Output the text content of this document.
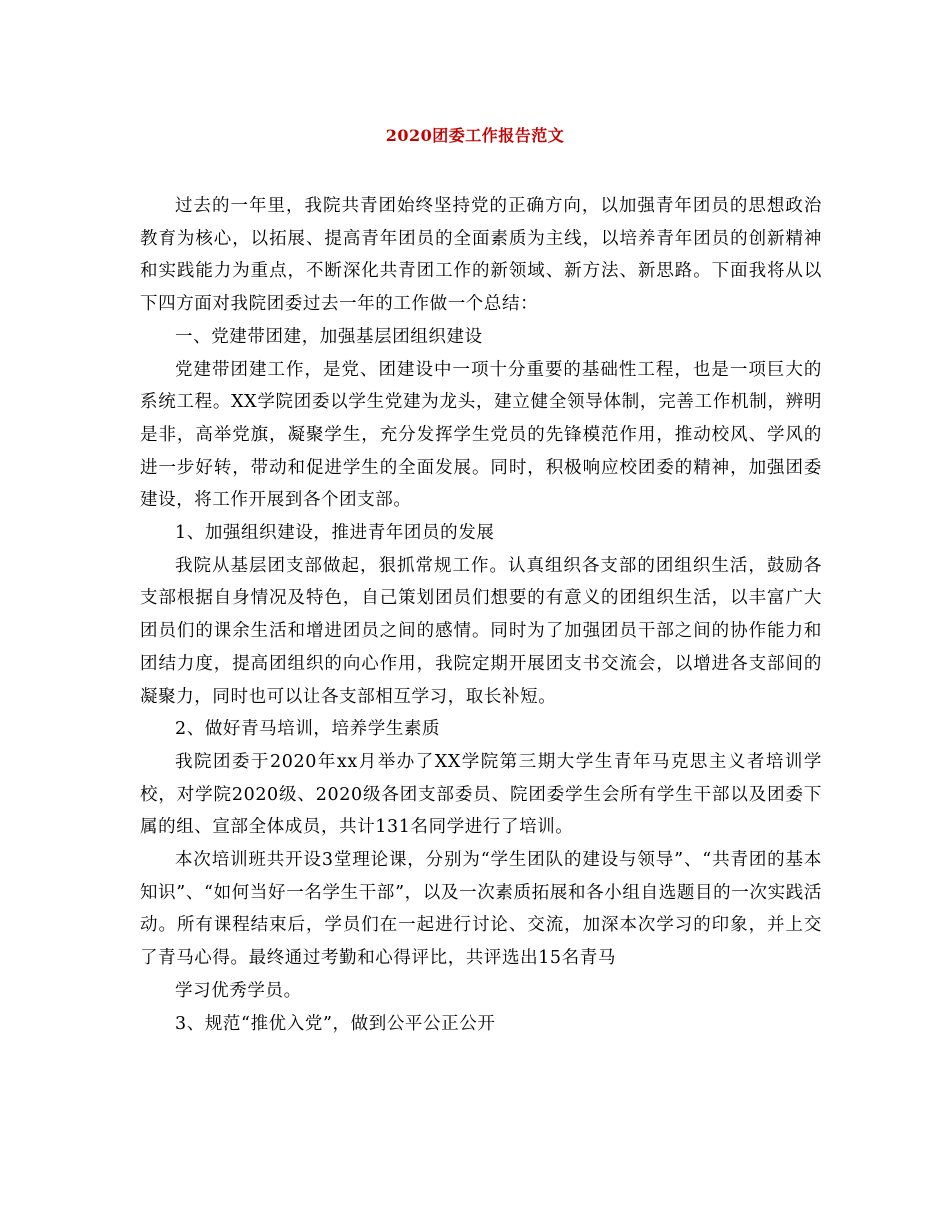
2020团委工作报告范文

过去的一年里，我院共青团始终坚持党的正确方向，以加强青年团员的思想政治教育为核心，以拓展、提高青年团员的全面素质为主线，以培养青年团员的创新精神和实践能力为重点，不断深化共青团工作的新领域、新方法、新思路。下面我将从以下四方面对我院团委过去一年的工作做一个总结：

一、党建带团建，加强基层团组织建设

党建带团建工作，是党、团建设中一项十分重要的基础性工程，也是一项巨大的系统工程。XX学院团委以学生党建为龙头，建立健全领导体制，完善工作机制，辨明是非，高举党旗，凝聚学生，充分发挥学生党员的先锋模范作用，推动校风、学风的进一步好转，带动和促进学生的全面发展。同时，积极响应校团委的精神，加强团委建设，将工作开展到各个团支部。

1、加强组织建设，推进青年团员的发展

我院从基层团支部做起，狠抓常规工作。认真组织各支部的团组织生活，鼓励各支部根据自身情况及特色，自己策划团员们想要的有意义的团组织生活，以丰富广大团员们的课余生活和增进团员之间的感情。同时为了加强团员干部之间的协作能力和团结力度，提高团组织的向心作用，我院定期开展团支书交流会，以增进各支部间的凝聚力，同时也可以让各支部相互学习，取长补短。

2、做好青马培训，培养学生素质

我院团委于2020年xx月举办了XX学院第三期大学生青年马克思主义者培训学校，对学院2020级、2020级各团支部委员、院团委学生会所有学生干部以及团委下属的组、宣部全体成员，共计131名同学进行了培训。

本次培训班共开设3堂理论课，分别为“学生团队的建设与领导”、“共青团的基本知识”、“如何当好一名学生干部”，以及一次素质拓展和各小组自选题目的一次实践活动。所有课程结束后，学员们在一起进行讨论、交流，加深本次学习的印象，并上交了青马心得。最终通过考勤和心得评比，共评选出15名青马

学习优秀学员。

3、规范“推优入党”，做到公平公正公开
